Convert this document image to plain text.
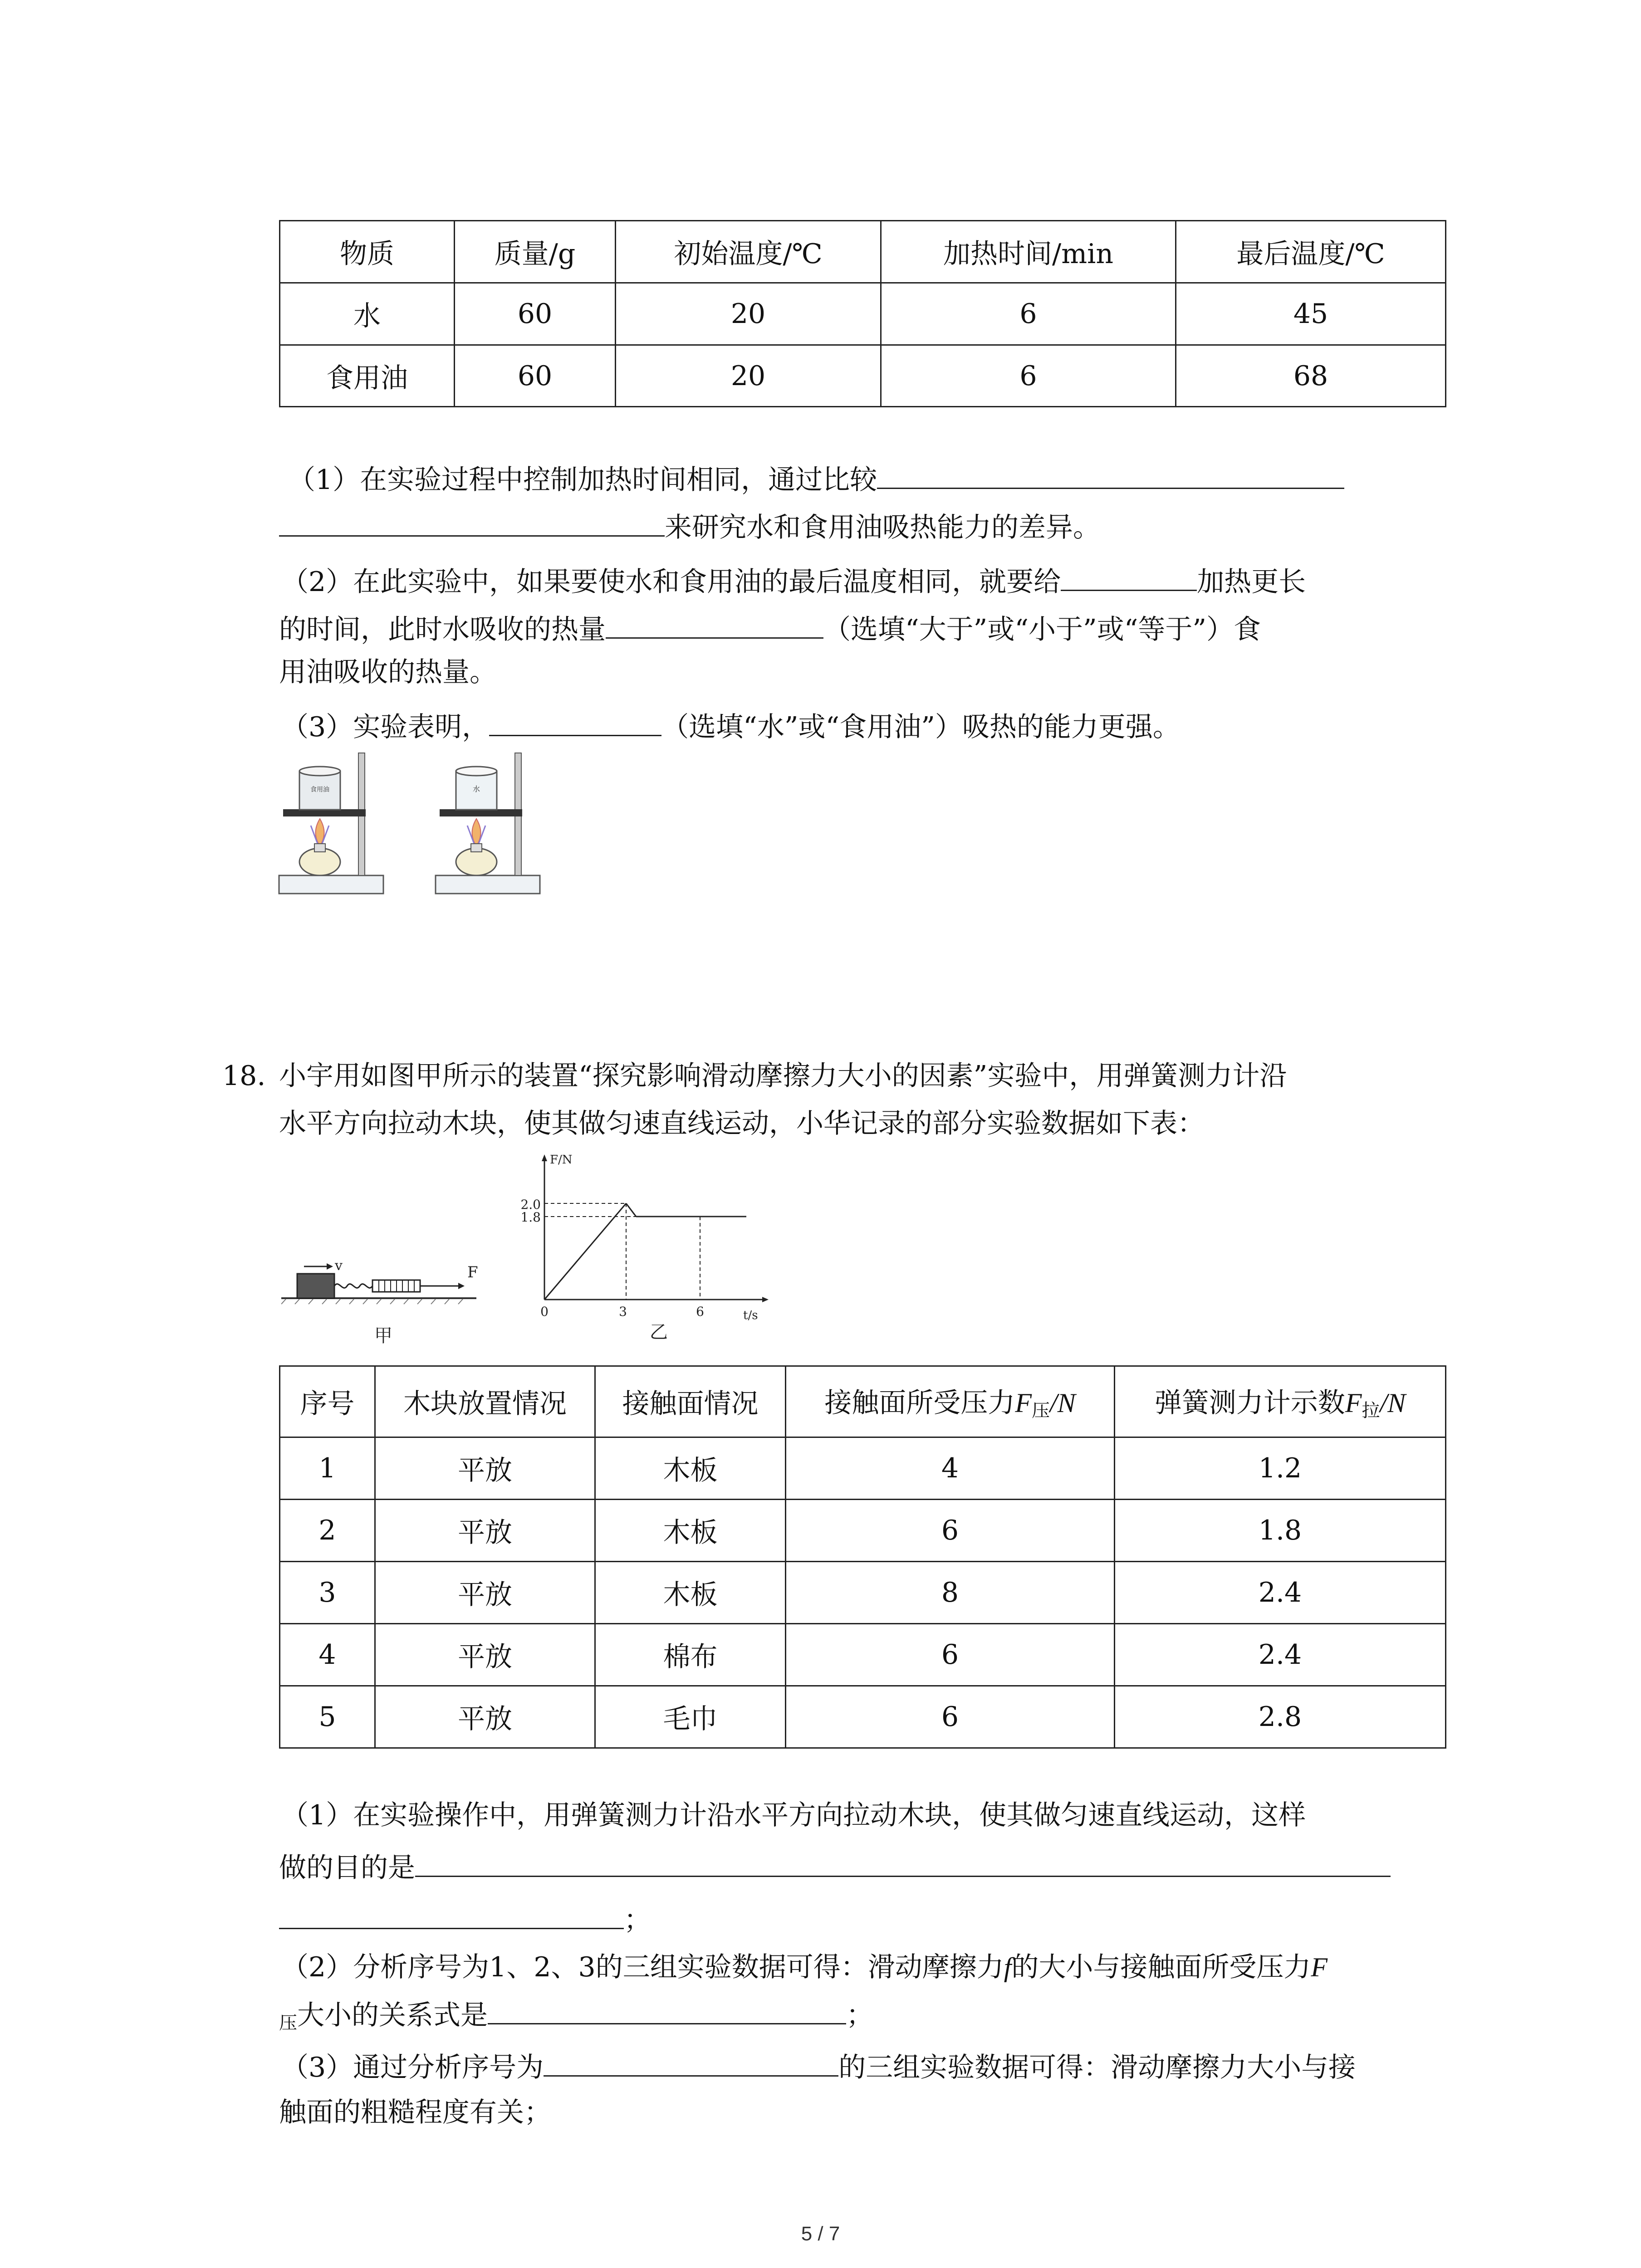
物质	质量/g	初始温度/℃	加热时间/min	最后温度/℃
水	60	20	6	45
食用油	60	20	6	68
（1）在实验过程中控制加热时间相同，通过比较
来研究水和食用油吸热能力的差异。
（2）在此实验中，如果要使水和食用油的最后温度相同，就要给	加热更长
的时间，此时水吸收的热量	（选填“大于”或“小于”或“等于”）食
用油吸收的热量。
（3）实验表明，	（选填“水”或“食用油”）吸热的能力更强。
食用油	水
18. 小宇用如图甲所示的装置“探究影响滑动摩擦力大小的因素”实验中，用弹簧测力计沿
水平方向拉动木块，使其做匀速直线运动，小华记录的部分实验数据如下表：
v	F
甲
F/N
t/s
2.0
1.8
0	3	6
乙
序号	木块放置情况	接触面情况	接触面所受压力$F_压/N$	弹簧测力计示数$F_拉/N$
1	平放	木板	4	1.2
2	平放	木板	6	1.8
3	平放	木板	8	2.4
4	平放	棉布	6	2.4
5	平放	毛巾	6	2.8
（1）在实验操作中，用弹簧测力计沿水平方向拉动木块，使其做匀速直线运动，这样
做的目的是
；
（2）分析序号为1、2、3的三组实验数据可得：滑动摩擦力f的大小与接触面所受压力F
$_压$大小的关系式是	；
（3）通过分析序号为	的三组实验数据可得：滑动摩擦力大小与接
触面的粗糙程度有关；
5 / 7
